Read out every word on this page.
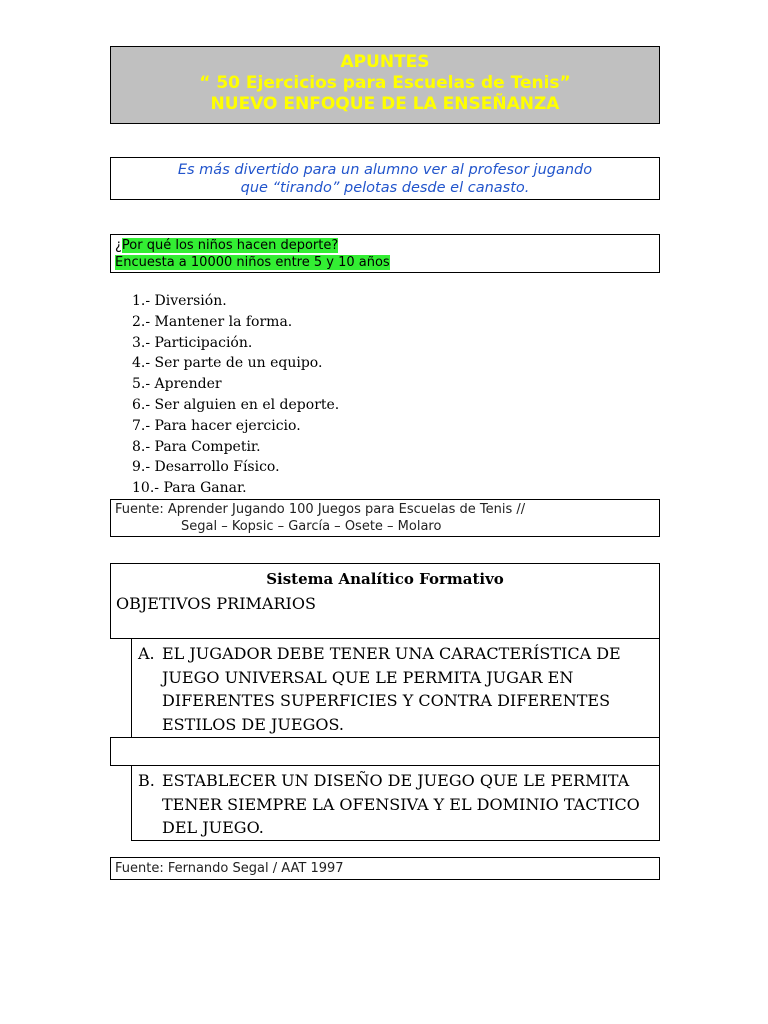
APUNTES
“ 50 Ejercicios para Escuelas de Tenis”
NUEVO ENFOQUE DE LA ENSEÑANZA
Es más divertido para un alumno ver al profesor jugando
que “tirando” pelotas desde el canasto.
¿Por qué los niños hacen deporte?
Encuesta a 10000 niños entre 5 y 10 años
1.- Diversión.
2.- Mantener la forma.
3.- Participación.
4.- Ser parte de un equipo.
5.- Aprender
6.- Ser alguien en el deporte.
7.- Para hacer ejercicio.
8.- Para Competir.
9.- Desarrollo Físico.
10.- Para Ganar.
Fuente: Aprender Jugando 100 Juegos para Escuelas de Tenis //
Segal – Kopsic – García – Osete – Molaro
Sistema Analítico Formativo
OBJETIVOS PRIMARIOS
A. EL JUGADOR DEBE TENER UNA CARACTERÍSTICA DE JUEGO UNIVERSAL QUE LE PERMITA JUGAR EN DIFERENTES SUPERFICIES Y CONTRA DIFERENTES ESTILOS DE JUEGOS.
B. ESTABLECER UN DISEÑO DE JUEGO QUE LE PERMITA TENER SIEMPRE LA OFENSIVA Y EL DOMINIO TACTICO DEL JUEGO.
Fuente: Fernando Segal / AAT 1997
